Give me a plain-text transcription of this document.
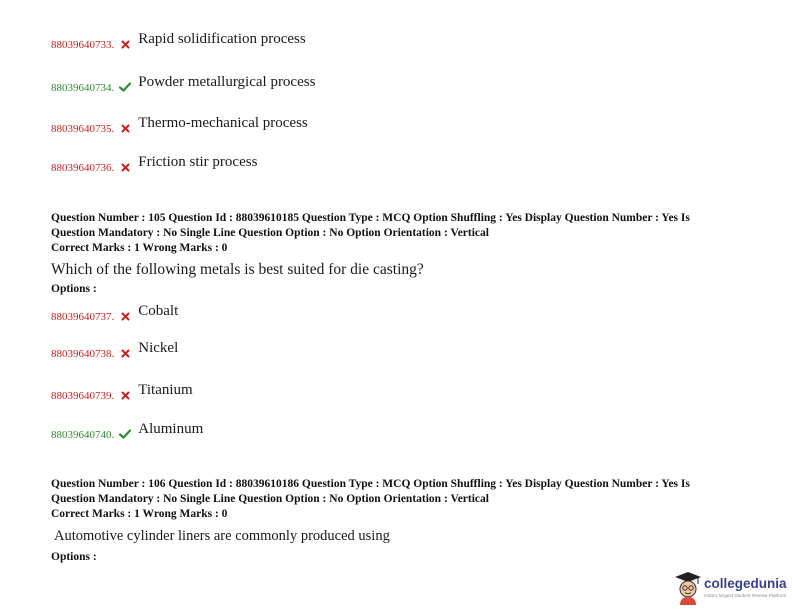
88039640733. Rapid solidification process
88039640734. Powder metallurgical process
88039640735. Thermo-mechanical process
88039640736. Friction stir process
Question Number : 105 Question Id : 88039610185 Question Type : MCQ Option Shuffling : Yes Display Question Number : Yes Is
Question Mandatory : No Single Line Question Option : No Option Orientation : Vertical
Correct Marks : 1 Wrong Marks : 0
Which of the following metals is best suited for die casting?
Options :
88039640737. Cobalt
88039640738. Nickel
88039640739. Titanium
88039640740. Aluminum
Question Number : 106 Question Id : 88039610186 Question Type : MCQ Option Shuffling : Yes Display Question Number : Yes Is
Question Mandatory : No Single Line Question Option : No Option Orientation : Vertical
Correct Marks : 1 Wrong Marks : 0
Automotive cylinder liners are commonly produced using
Options :
collegedunia
India's largest Student Review Platform
